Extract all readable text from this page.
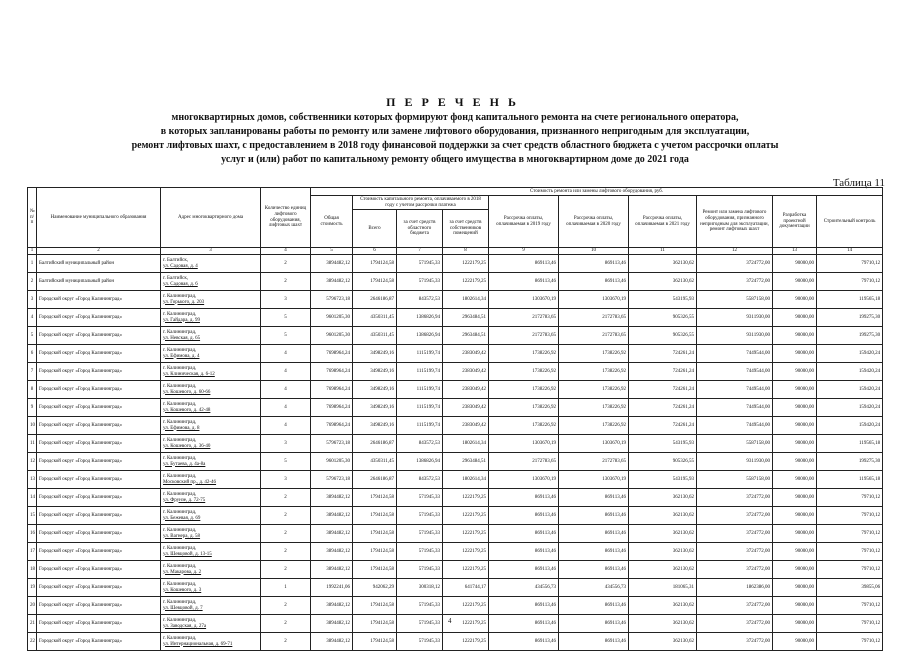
П Е Р Е Ч Е Н Ь
многоквартирных домов, собственники которых формируют фонд капитального ремонта на счете регионального оператора,
в которых запланированы работы по ремонту или замене лифтового оборудования, признанного непригодным для эксплуатации,
ремонт лифтовых шахт, с предоставлением в 2018 году финансовой поддержки за счет средств областного бюджета с учетом рассрочки оплаты
услуг и (или) работ по капитальному ремонту общего имущества в многоквартирном доме до 2021 года
Таблица 11
№ п/п	Наименование муниципального образования	Адрес многоквартирного дома	Количество единиц лифтового оборудования, лифтовых шахт	Стоимость ремонта или замены лифтового оборудования, руб.									
				Общая стоимость	Стоимость капитального ремонта, оплачиваемого в 2018 году с учетом рассрочки платежа			Рассрочка оплаты, оплачиваемая в 2019 году	Рассрочка оплаты, оплачиваемая в 2020 году	Рассрочка оплаты, оплачиваемая в 2021 году	Ремонт или замена лифтового оборудования, признанного непригодным для эксплуатации, ремонт лифтовых шахт	Разработка проектной документации	Строительный контроль
					Всего	за счет средств областного бюджета	за счет средств собственников помещений						
1	2	3	4	5	6	7	8	9	10	11	12	13	14
1	Балтийский муниципальный район	г. Балтийск,
ул. Садовая, д. 4	2	3894482,12	1794124,58	571945,33	1222179,25	869113,46	869113,46	362130,62	3724772,00	90000,00	79710,12
2	Балтийский муниципальный район	г. Балтийск,
ул. Садовая, д. 6	2	3894482,12	1794124,58	571945,33	1222179,25	869113,46	869113,46	362130,62	3724772,00	90000,00	79710,12
3	Городской округ «Город Калининград»	г. Калининград,
ул. Горького, д. 203	3	5796723,18	2646186,87	843572,53	1802614,34	1303670,19	1303670,19	543195,93	5587158,00	90000,00	119565,18
4	Городской округ «Город Калининград»	г. Калининград,
ул. Гайдара, д. 99	5	9601205,30	4350311,45	1386826,94	2963484,51	2172783,65	2172783,65	905326,55	9311930,00	90000,00	199275,30
5	Городской округ «Город Калининград»	г. Калининград,
ул. Невская, д. 65	5	9601205,30	4350311,45	1386826,94	2963484,51	2172783,65	2172783,65	905326,55	9311930,00	90000,00	199275,30
6	Городской округ «Город Калининград»	г. Калининград,
ул. Ефимова, д. 4	4	7698964,24	3498249,16	1115199,74	2383049,42	1738226,92	1738226,92	724261,24	7449544,00	90000,00	159420,24
7	Городской округ «Город Калининград»	г. Калининград,
ул. Клиническая, д. 6-12	4	7698964,24	3498249,16	1115199,74	2383049,42	1738226,92	1738226,92	724261,24	7449544,00	90000,00	159420,24
8	Городской округ «Город Калининград»	г. Калининград,
ул. Кошевого, д. 60-66	4	7698964,24	3498249,16	1115199,74	2383049,42	1738226,92	1738226,92	724261,24	7449544,00	90000,00	159420,24
9	Городской округ «Город Калининград»	г. Калининград,
ул. Кошевого, д. 42-48	4	7698964,24	3498249,16	1115199,74	2383049,42	1738226,92	1738226,92	724261,24	7449544,00	90000,00	159420,24
10	Городской округ «Город Калининград»	г. Калининград,
ул. Ефимова, д. 8	4	7698964,24	3498249,16	1115199,74	2383049,42	1738226,92	1738226,92	724261,24	7449544,00	90000,00	159420,24
11	Городской округ «Город Калининград»	г. Калининград,
ул. Кошевого, д. 36-40	3	5796723,18	2646186,87	843572,53	1802614,34	1303670,19	1303670,19	543195,93	5587158,00	90000,00	119565,18
12	Городской округ «Город Калининград»	г. Калининград,
ул. Бутаева, д. 4а-8а	5	9601205,30	4350311,45	1386826,94	2963484,51	2172783,65	2172783,65	905326,55	9311930,00	90000,00	199275,30
13	Городской округ «Город Калининград»	г. Калининград,
Московский пр., д. 42-46	3	5796723,18	2646186,87	843572,53	1802614,34	1303670,19	1303670,19	543195,93	5587158,00	90000,00	119565,18
14	Городской округ «Город Калининград»	г. Калининград,
ул. Фрунзе, д. 72-75	2	3894482,12	1794124,58	571945,33	1222179,25	869113,46	869113,46	362130,62	3724772,00	90000,00	79710,12
15	Городской округ «Город Калининград»	г. Калининград,
ул. Бежевая, д. 69	2	3894482,12	1794124,58	571945,33	1222179,25	869113,46	869113,46	362130,62	3724772,00	90000,00	79710,12
16	Городской округ «Город Калининград»	г. Калининград,
ул. Вагнера, д. 58	2	3894482,12	1794124,58	571945,33	1222179,25	869113,46	869113,46	362130,62	3724772,00	90000,00	79710,12
17	Городской округ «Город Калининград»	г. Калининград,
ул. Шевцовой, д. 13-15	2	3894482,12	1794124,58	571945,33	1222179,25	869113,46	869113,46	362130,62	3724772,00	90000,00	79710,12
18	Городской округ «Город Калининград»	г. Калининград,
ул. Макарова, д. 2	2	3894482,12	1794124,58	571945,33	1222179,25	869113,46	869113,46	362130,62	3724772,00	90000,00	79710,12
19	Городской округ «Город Калининград»	г. Калининград,
ул. Кошевого, д. 3	1	1992241,06	942062,29	300318,12	641744,17	434556,73	434556,73	181065,31	1862386,00	90000,00	39855,06
20	Городской округ «Город Калининград»	г. Калининград,
ул. Шевцовой, д. 7	2	3894482,12	1794124,58	571945,33	1222179,25	869113,46	869113,46	362130,62	3724772,00	90000,00	79710,12
21	Городской округ «Город Калининград»	г. Калининград,
ул. Заводская, д. 27а	2	3894482,12	1794124,58	571945,33	1222179,25	869113,46	869113,46	362130,62	3724772,00	90000,00	79710,12
22	Городской округ «Город Калининград»	г. Калининград,
ул. Интернациональная, д. 69-71	2	3894482,12	1794124,58	571945,33	1222179,25	869113,46	869113,46	362130,62	3724772,00	90000,00	79710,12
4
